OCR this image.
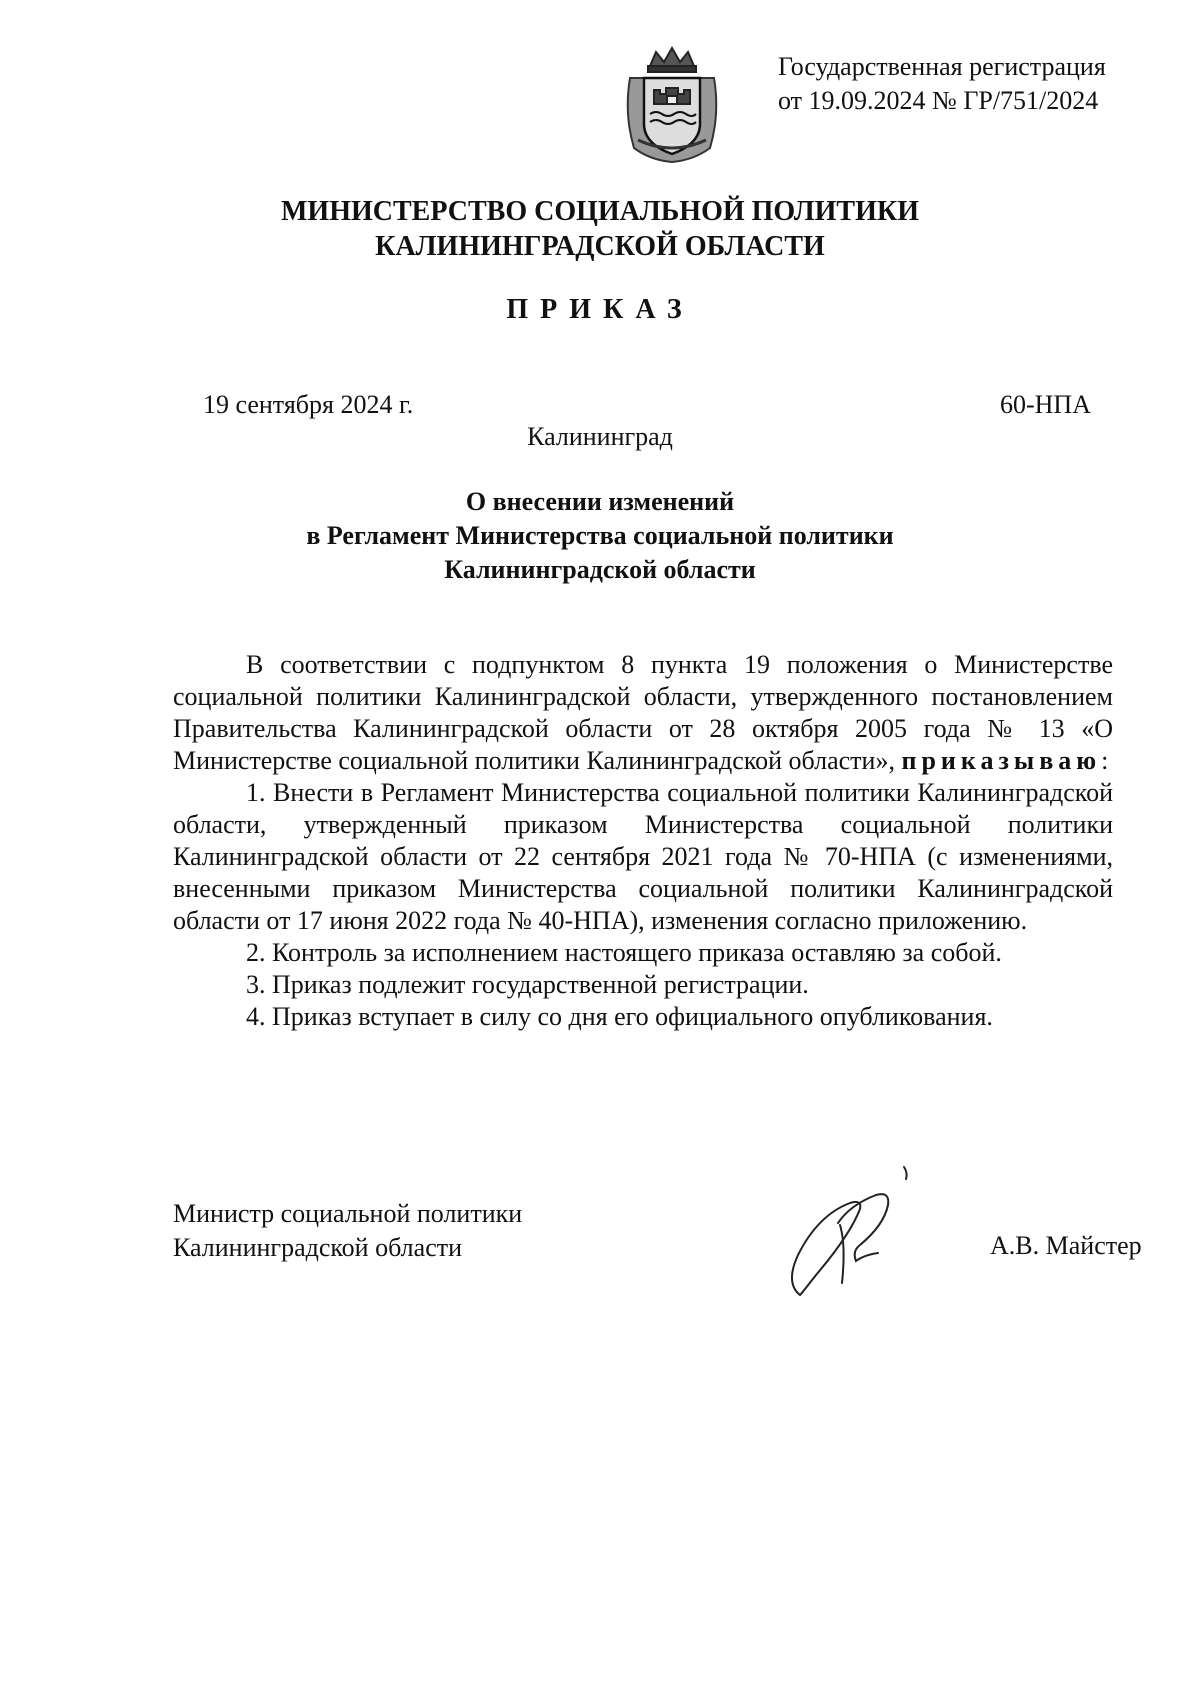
Государственная регистрация
от 19.09.2024 № ГР/751/2024
МИНИСТЕРСТВО СОЦИАЛЬНОЙ ПОЛИТИКИ
КАЛИНИНГРАДСКОЙ ОБЛАСТИ
ПРИКАЗ
19 сентября 2024 г.	60-НПА
Калининград
О внесении изменений
в Регламент Министерства социальной политики
Калининградской области

В соответствии с подпунктом 8 пункта 19 положения о Министерстве социальной политики Калининградской области, утвержденного постановлением Правительства Калининградской области от 28 октября 2005 года № 13 «О Министерстве социальной политики Калининградской области», приказываю:

1. Внести в Регламент Министерства социальной политики Калининградской области, утвержденный приказом Министерства социальной политики Калининградской области от 22 сентября 2021 года № 70-НПА (с изменениями, внесенными приказом Министерства социальной политики Калининградской области от 17 июня 2022 года № 40-НПА), изменения согласно приложению.

2. Контроль за исполнением настоящего приказа оставляю за собой.

3. Приказ подлежит государственной регистрации.

4. Приказ вступает в силу со дня его официального опубликования.

Министр социальной политики
Калининградской области	А.В. Майстер
